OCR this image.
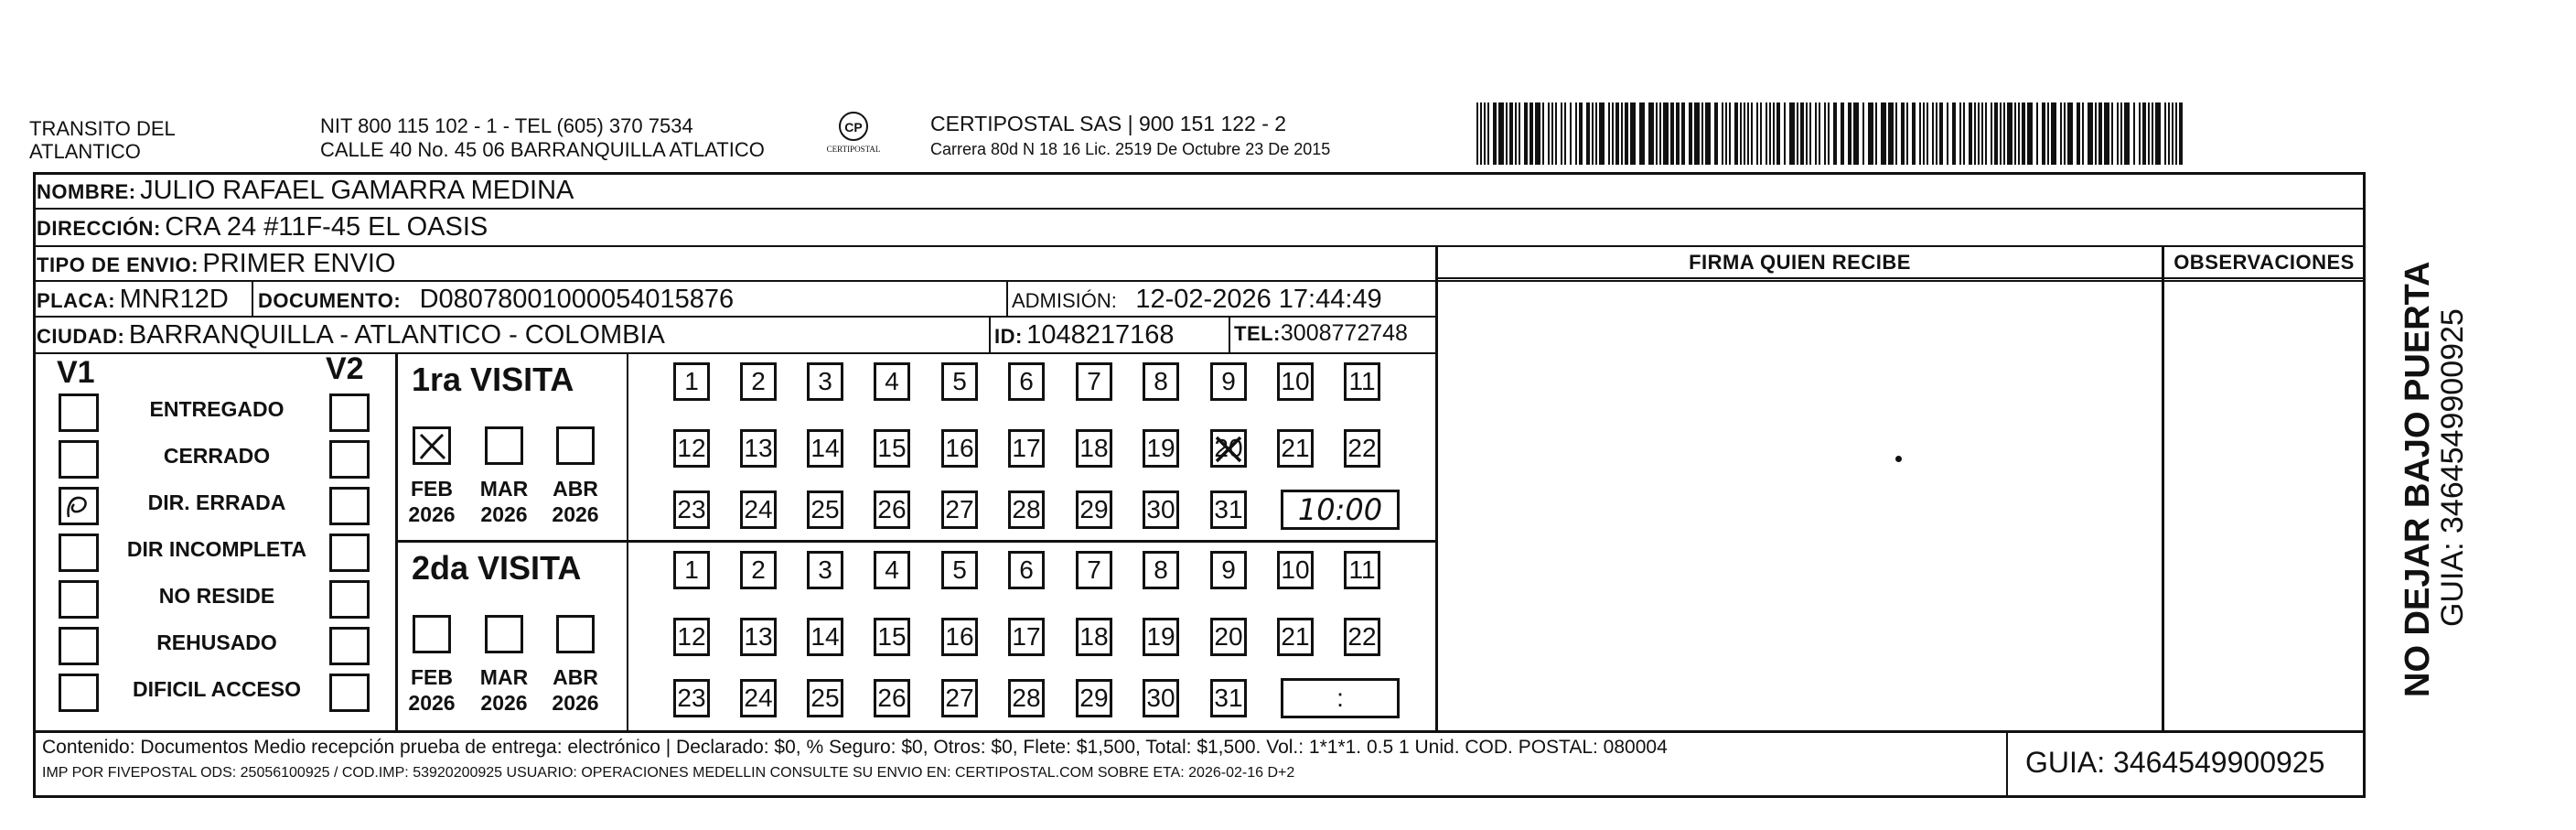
TRANSITO DEL
ATLANTICO
NIT 800 115 102 - 1 - TEL (605) 370 7534
CALLE 40 No. 45 06 BARRANQUILLA ATLATICO
CP
CERTIPOSTAL
CERTIPOSTAL SAS | 900 151 122 - 2
Carrera 80d N 18 16 Lic. 2519 De Octubre 23 De 2015
NOMBRE: JULIO RAFAEL GAMARRA MEDINA
DIRECCIÓN: CRA 24 #11F-45 EL OASIS
TIPO DE ENVIO: PRIMER ENVIO	FIRMA QUIEN RECIBE	OBSERVACIONES
PLACA: MNR12D DOCUMENTO: D0807800100005401587​6	ADMISIÓN: 12-02-2026 17:44:49
CIUDAD: BARRANQUILLA - ATLANTICO - COLOMBIA	ID: 1048217168	TEL:3008772748
V1	V2
ENTREGADO
CERRADO
DIR. ERRADA
DIR INCOMPLETA
NO RESIDE
REHUSADO
DIFICIL ACCESO
1ra VISITA
FEB
2026
MAR
2026
ABR
2026
1	2	3	4	5	6	7	8	9	10 11
12 13 14 15 16 17 18 19 20 21 22
23 24 25 26 27 28 29 30 31	10:00
2da VISITA
FEB
2026
MAR
2026
ABR
2026
1	2	3	4	5	6	7	8	9	10 11
12 13 14 15 16 17 18 19 20 21 22
23 24 25 26 27 28 29 30 31	:
Contenido: Documentos Medio recepción prueba de entrega: electrónico | Declarado: $0, % Seguro: $0, Otros: $0, Flete: $1,500, Total: $1,500. Vol.: 1*1*1. 0.5 1 Unid. COD. POSTAL: 080004
IMP POR FIVEPOSTAL ODS: 25056100925 / COD.IMP: 53920200925 USUARIO: OPERACIONES MEDELLIN CONSULTE SU ENVIO EN: CERTIPOSTAL.COM SOBRE ETA: 2026-02-16 D+2	GUIA: 3464549900925
NO DEJAR BAJO PUERTA
GUIA: 3464549900925
